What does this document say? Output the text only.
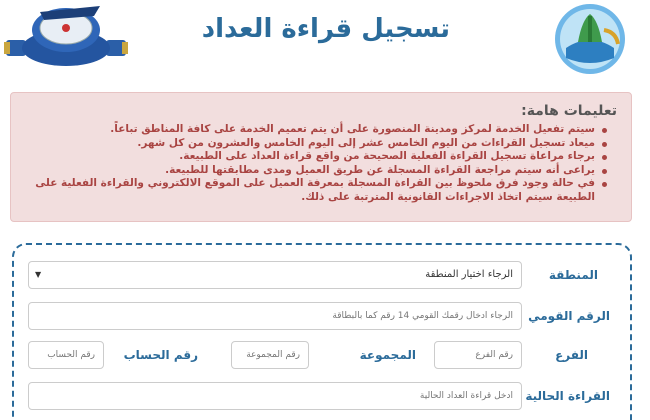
تسجيل قراءة العداد
تعليمات هامة:
سيتم تفعيل الخدمة لمركز ومدينة المنصورة على أن يتم تعميم الخدمة على كافة المناطق تباعاً.
ميعاد تسجيل القراءات من اليوم الخامس عشر إلى اليوم الخامس والعشرون من كل شهر.
برجاء مراعاة تسجيل القراءة الفعلية الصحيحة من واقع قراءة العداد على الطبيعة.
يراعى أنه سيتم مراجعة القراءة المسجلة عن طريق العميل ومدى مطابقتها للطبيعة.
في حالة وجود فرق ملحوظ بين القراءة المسجلة بمعرفة العميل على الموقع الالكتروني والقراءة الفعلية على الطبيعة سيتم اتخاذ الاجراءات القانونية المترتبة على ذلك.
المنطقة
الرجاء اختيار المنطقة
▼
الرقم القومي
الرجاء ادخال رقمك القومي 14 رقم كما بالبطاقة
الفرع
رقم الفرع
المجموعة
رقم المجموعة
رقم الحساب
رقم الحساب
القراءة الحالية
ادخل قراءة العداد الحالية
